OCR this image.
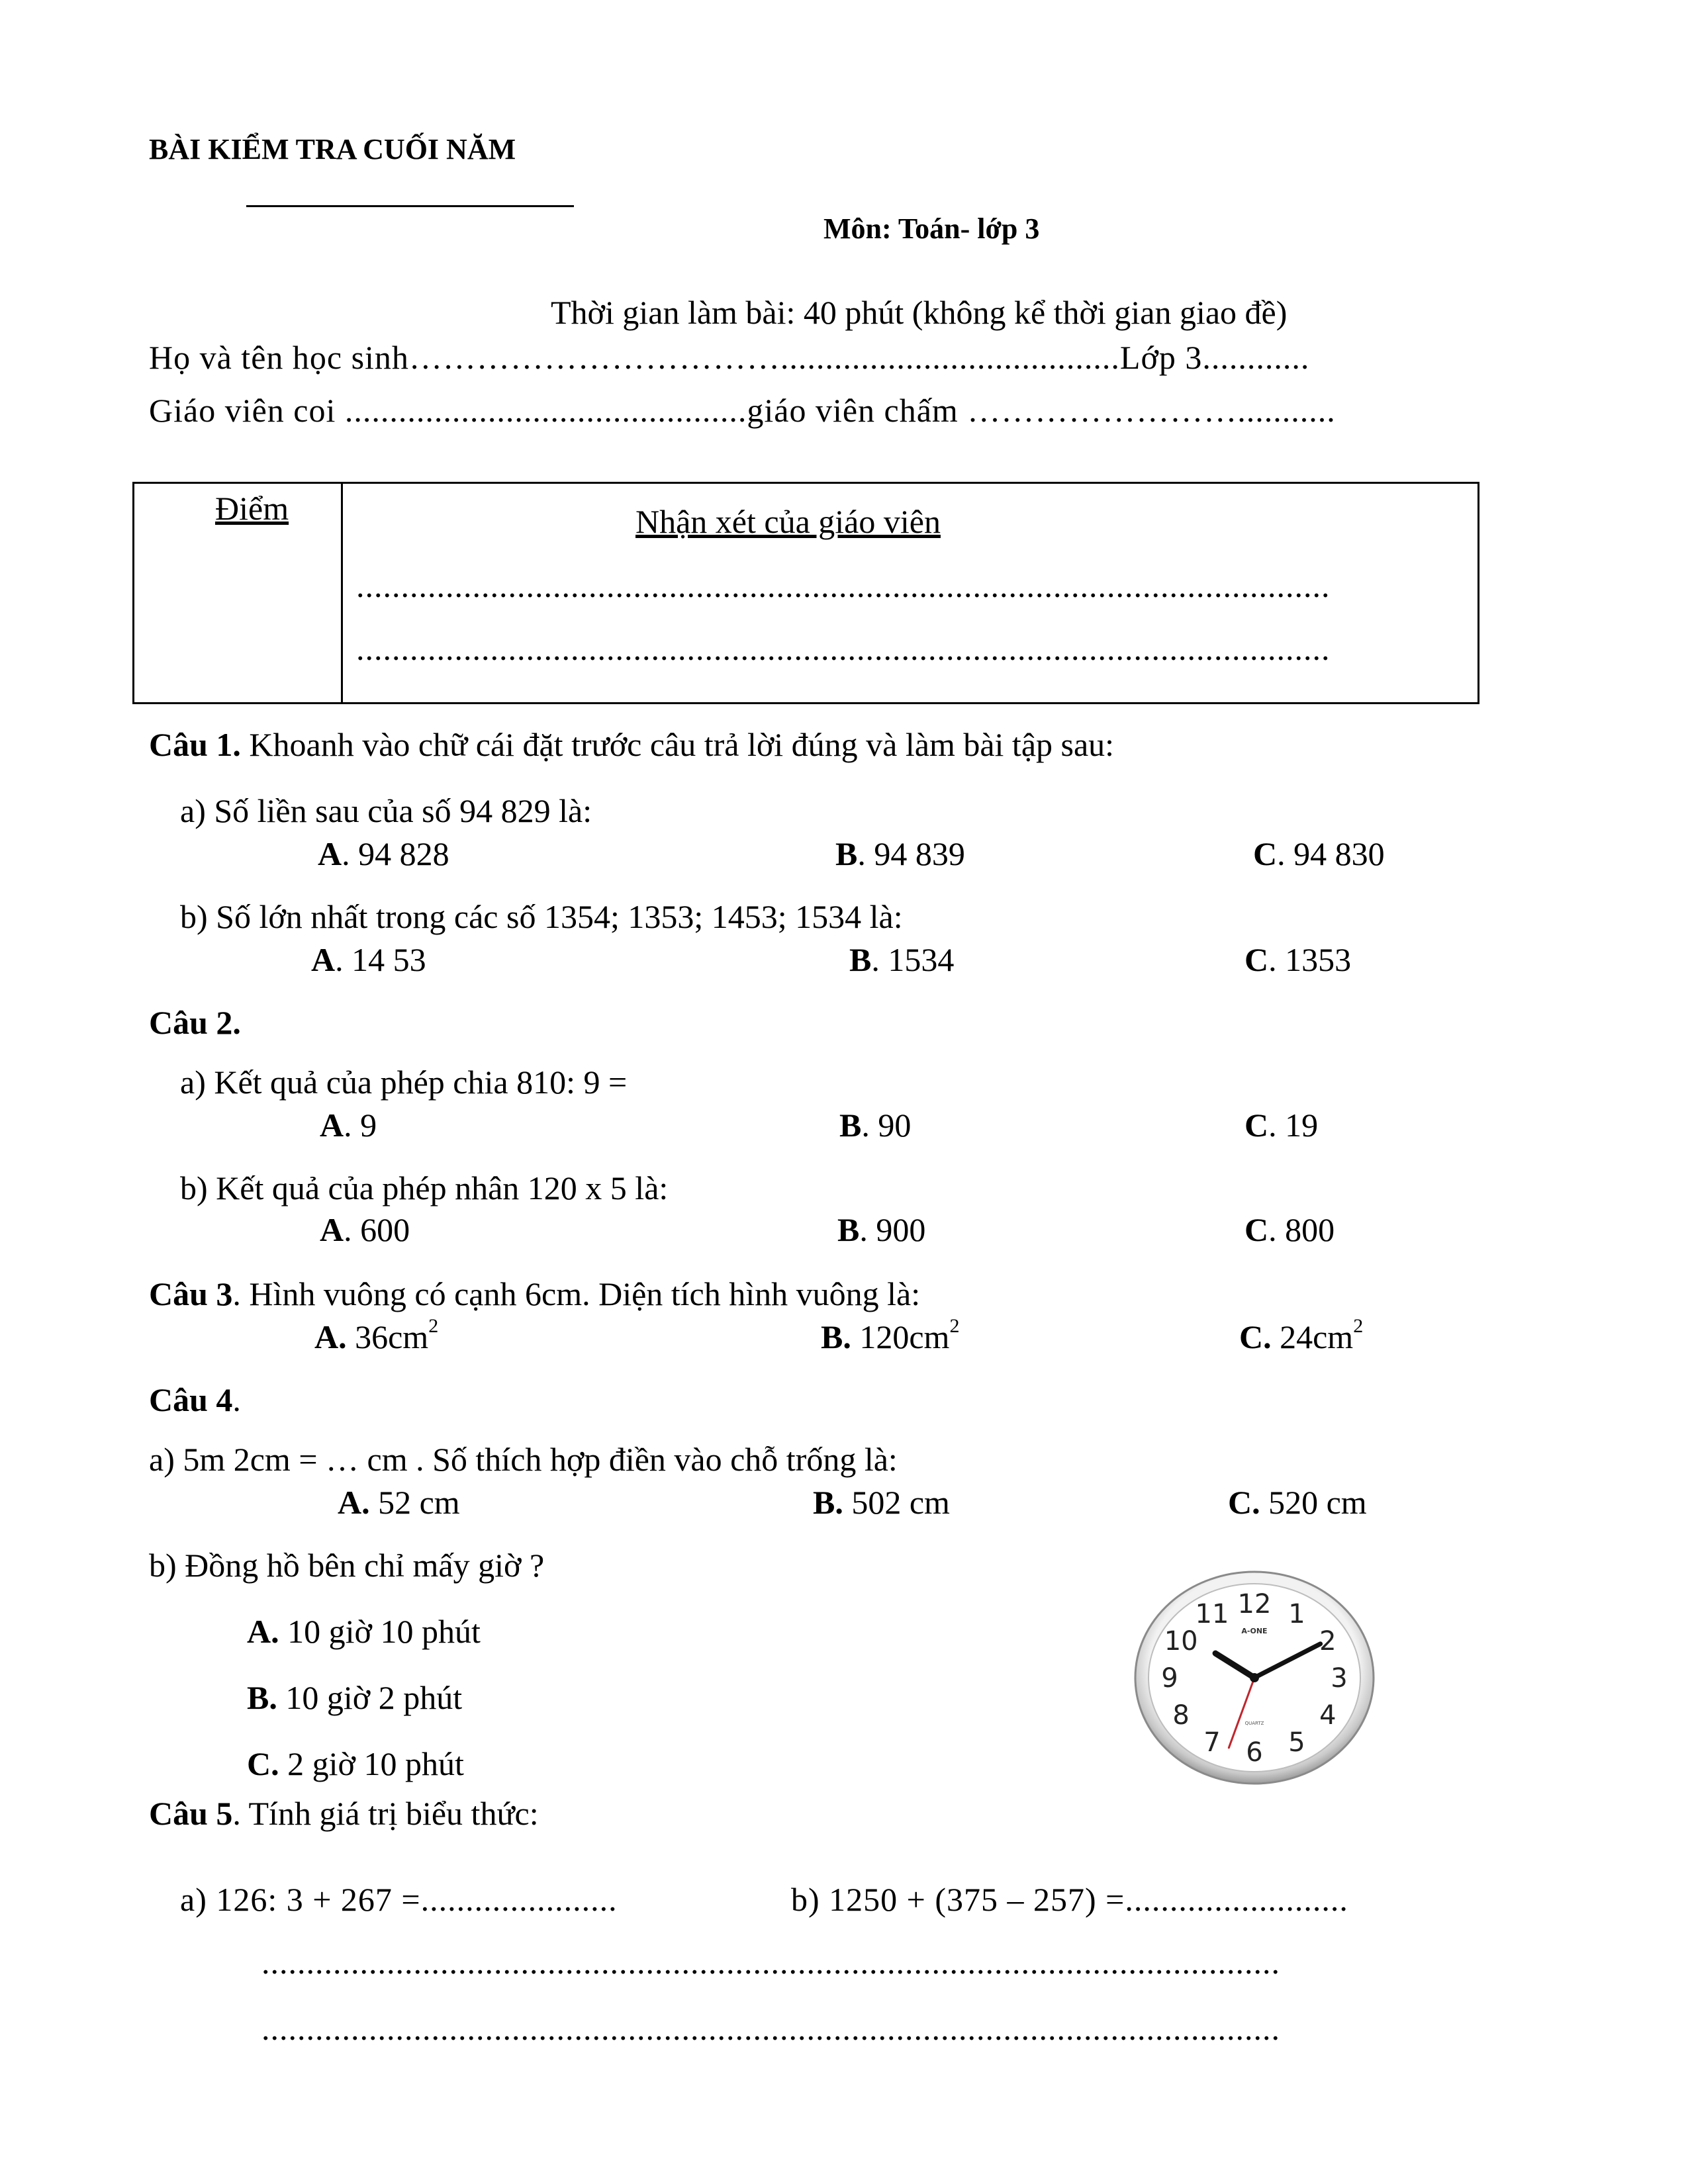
BÀI KIỂM TRA CUỐI NĂM
Môn: Toán- lớp 3
Thời gian làm bài: 40 phút (không kể thời gian giao đề)
Họ và tên học sinh……………………………......................................Lớp 3............
Giáo viên coi .............................................giáo viên chấm ……………………...........
Điểm	Nhận xét của giáo viên
.............................................................................................................
.............................................................................................................
Câu 1. Khoanh vào chữ cái đặt trước câu trả lời đúng và làm bài tập sau:
a) Số liền sau của số 94 829 là:
A. 94 828	B. 94 839	C. 94 830
b) Số lớn nhất trong các số 1354; 1353; 1453; 1534 là:
A. 14 53	B. 1534	C. 1353
Câu 2.
a) Kết quả của phép chia 810: 9 =
A. 9	B. 90	C. 19
b) Kết quả của phép nhân 120 x 5 là:
A. 600	B. 900	C. 800
Câu 3. Hình vuông có cạnh 6cm. Diện tích hình vuông là:
A. $36cm^2$	B. $120cm^2$	C. $24cm^2$
Câu 4.
a) 5m 2cm = … cm . Số thích hợp điền vào chỗ trống là:
A. 52 cm	B. 502 cm	C. 520 cm
b) Đồng hồ bên chỉ mấy giờ ?
A. 10 giờ 10 phút
B. 10 giờ 2 phút
C. 2 giờ 10 phút
12 1
2
3
4
5
6
7
8
9
10
11
A-ONE
QUARTZ
Câu 5. Tính giá trị biểu thức:
a) 126: 3 + 267 =......................	b) 1250 + (375 – 257) =.........................
..................................................................................................................
..................................................................................................................
